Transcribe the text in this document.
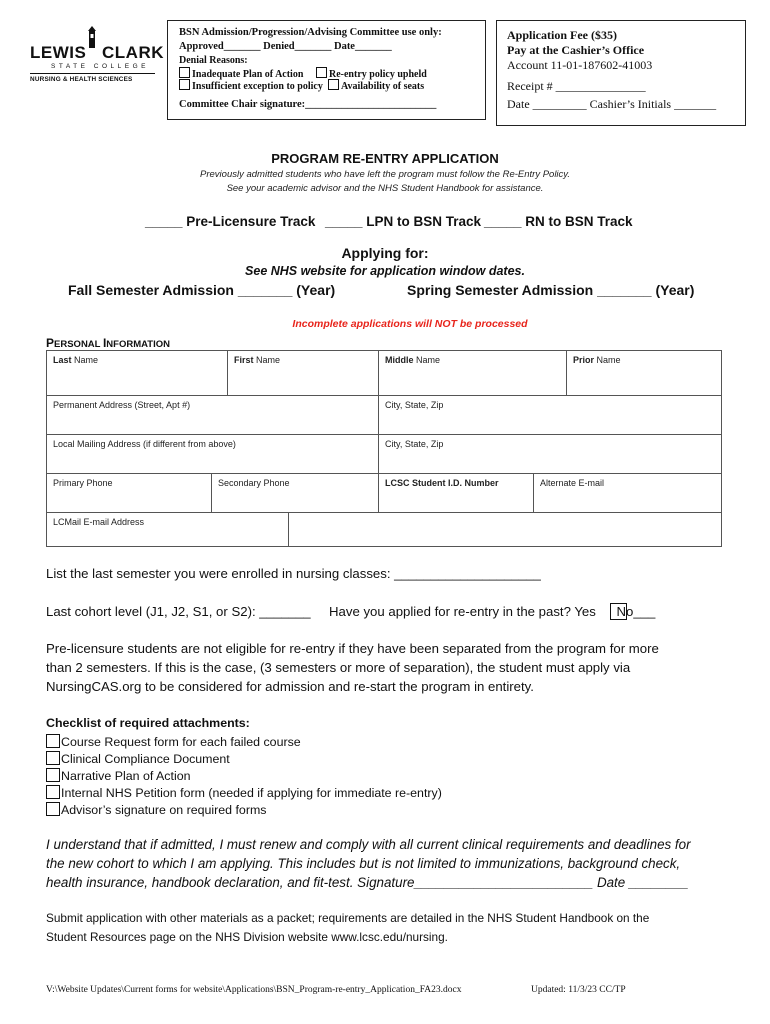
LEWIS CLARK
STATE COLLEGE
NURSING & HEALTH SCIENCES
BSN Admission/Progression/Advising Committee use only:
Approved_______ Denied_______ Date_______
Denial Reasons:
Inadequate Plan of Action	Re-entry policy upheld
Insufficient exception to policy	Availability of seats
Committee Chair signature:_________________________
Application Fee ($35)
Pay at the Cashier’s Office
Account 11-01-187602-41003
Receipt # _______________
Date _________ Cashier’s Initials _______
PROGRAM RE-ENTRY APPLICATION
Previously admitted students who have left the program must follow the Re-Entry Policy.
See your academic advisor and the NHS Student Handbook for assistance.
_____ Pre-Licensure Track _____ LPN to BSN Track _____ RN to BSN Track
Applying for:
See NHS website for application window dates.
Fall Semester Admission _______ (Year)	Spring Semester Admission _______ (Year)
Incomplete applications will NOT be processed
PERSONAL INFORMATION
Last Name	First Name	Middle Name	Prior Name
Permanent Address (Street, Apt #)	City, State, Zip
Local Mailing Address (if different from above)	City, State, Zip
Primary Phone	Secondary Phone	LCSC Student I.D. Number	Alternate E-mail
LCMail E-mail Address
List the last semester you were enrolled in nursing classes: ____________________
Last cohort level (J1, J2, S1, or S2): _______ Have you applied for re-entry in the past? Yes
No___
Pre-licensure students are not eligible for re-entry if they have been separated from the program for more
than 2 semesters. If this is the case, (3 semesters or more of separation), the student must apply via
NursingCAS.org to be considered for admission and re-start the program in entirety.
Checklist of required attachments:
Course Request form for each failed course
Clinical Compliance Document
Narrative Plan of Action
Internal NHS Petition form (needed if applying for immediate re-entry)
Advisor’s signature on required forms
I understand that if admitted, I must renew and comply with all current clinical requirements and deadlines for
the new cohort to which I am applying. This includes but is not limited to immunizations, background check,
health insurance, handbook declaration, and fit-test. Signature________________________ Date ________
Submit application with other materials as a packet; requirements are detailed in the NHS Student Handbook on the
Student Resources page on the NHS Division website www.lcsc.edu/nursing.
V:\Website Updates\Current forms for website\Applications\BSN_Program-re-entry_Application_FA23.docx	Updated: 11/3/23 CC/TP
